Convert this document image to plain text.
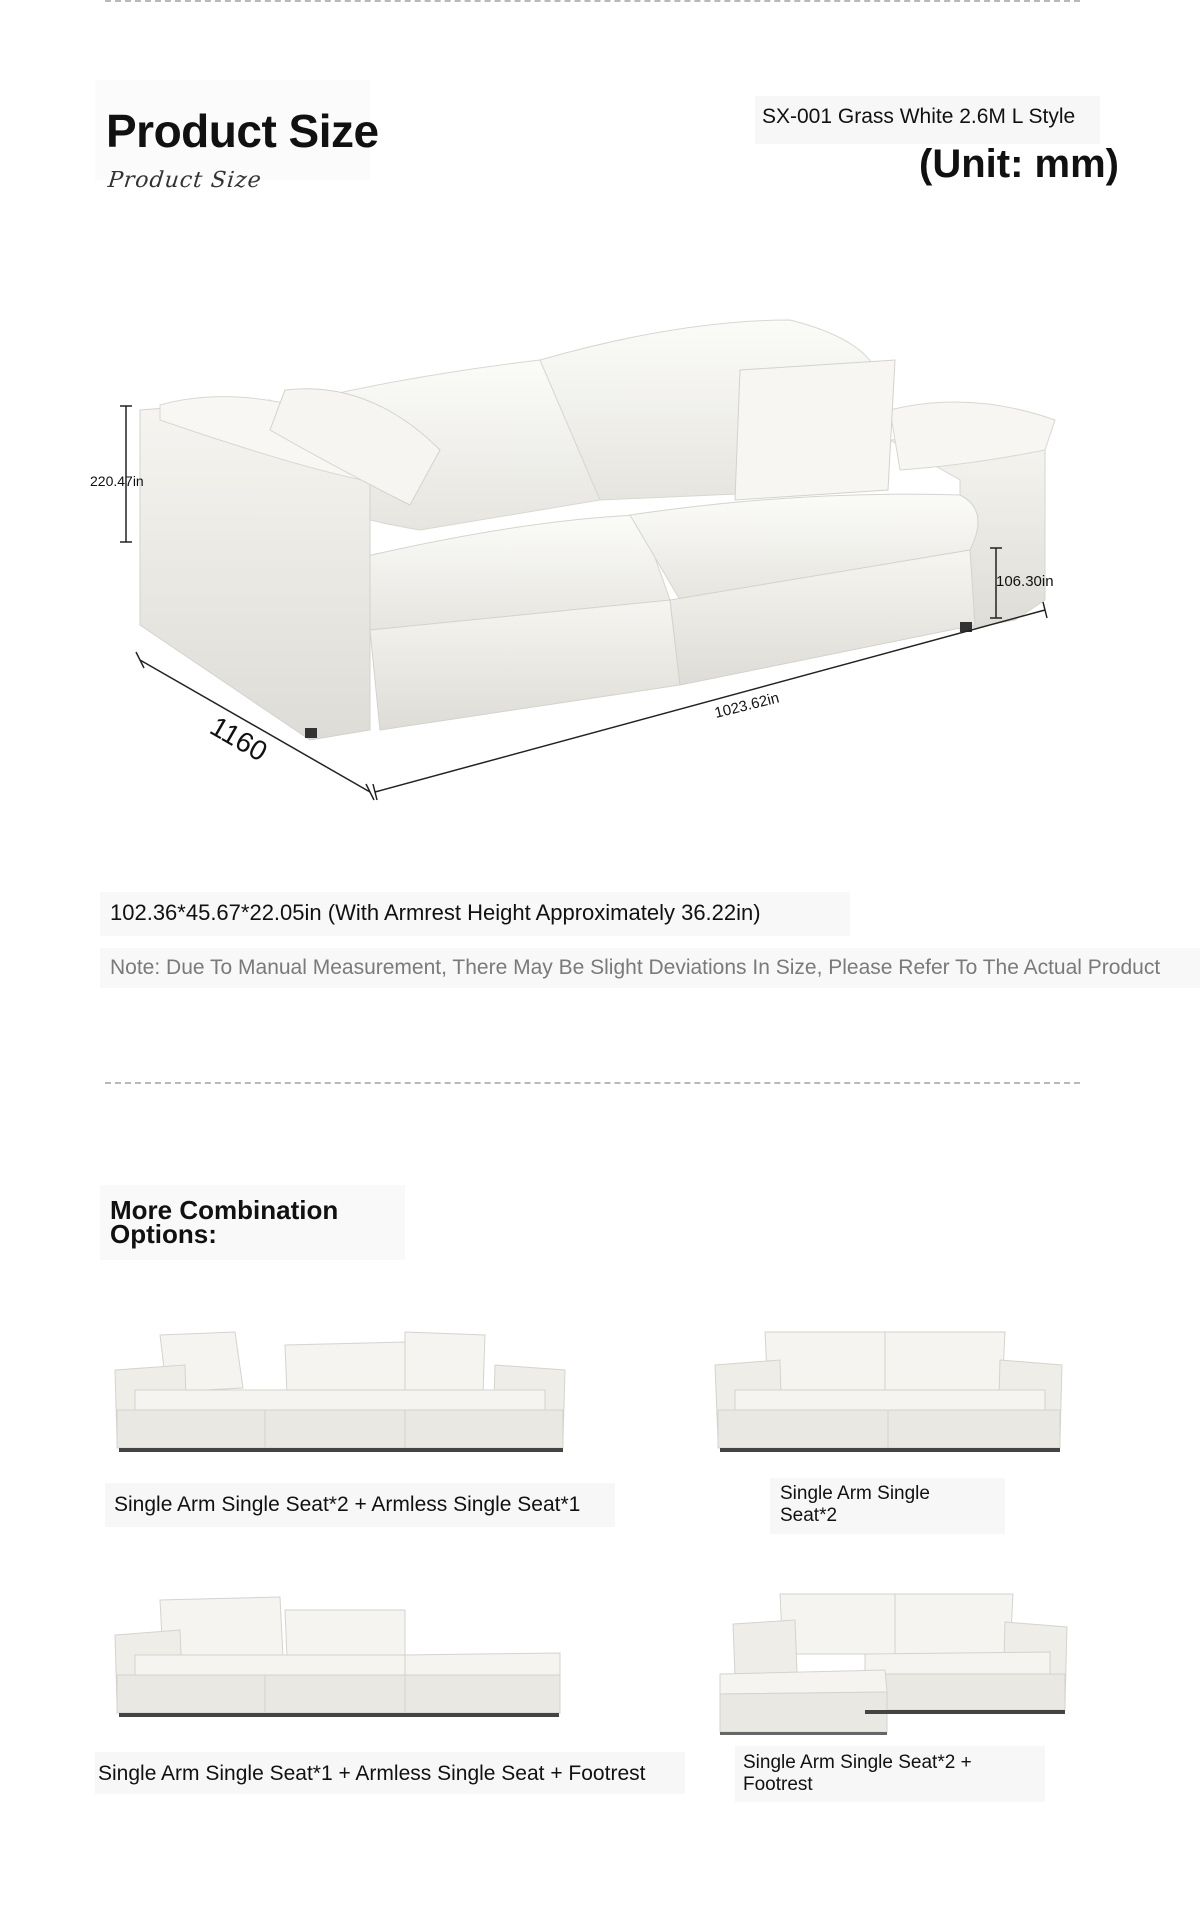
Product Size
Product Size
SX-001 Grass White 2.6M L Style
(Unit: mm)
220.47in
106.30in
1160
1023.62in
102.36*45.67*22.05in (With Armrest Height Approximately 36.22in)
Note: Due To Manual Measurement, There May Be Slight Deviations In Size, Please Refer To The Actual Product
More Combination Options:
Single Arm Single Seat*2 + Armless Single Seat*1	Single Arm Single Seat*2
Single Arm Single Seat*1 + Armless Single Seat + Footrest	Single Arm Single Seat*2 + Footrest
